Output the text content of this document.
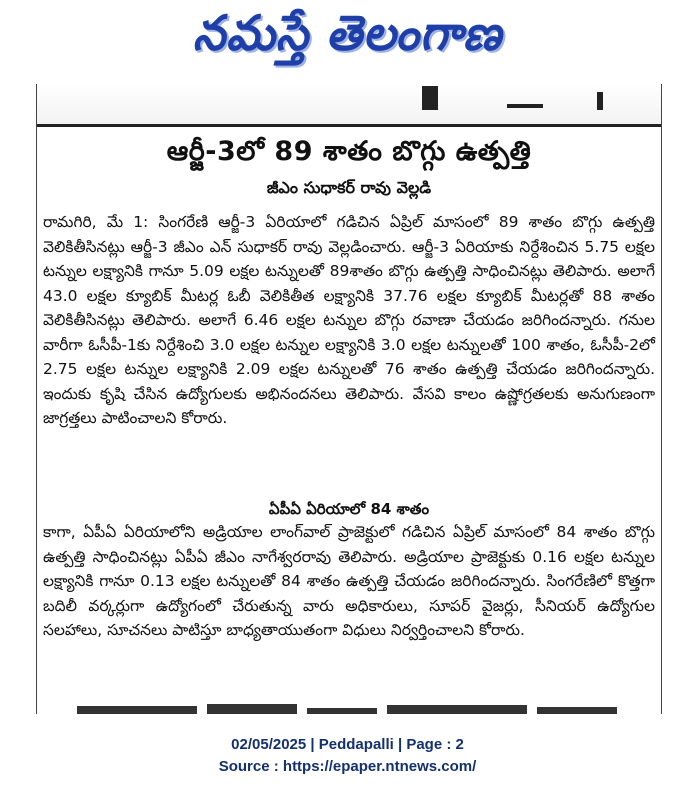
నమస్తే తెలంగాణ
ఆర్జీ-3లో 89 శాతం బొగ్గు ఉత్పత్తి
జీఎం సుధాకర్ రావు వెల్లడి

రామగిరి, మే 1: సింగరేణి ఆర్జీ-3 ఏరియాలో గడిచిన ఏప్రిల్ మాసంలో 89 శాతం బొగ్గు ఉత్పత్తి వెలికితీసినట్లు ఆర్జీ-3 జీఎం ఎన్ సుధాకర్ రావు వెల్లడించారు. ఆర్జీ-3 ఏరియాకు నిర్దేశించిన 5.75 లక్షల టన్నుల లక్ష్యానికి గానూ 5.09 లక్షల టన్నులతో 89శాతం బొగ్గు ఉత్పత్తి సాధించినట్లు తెలిపారు. అలాగే 43.0 లక్షల క్యూబిక్ మీటర్ల ఓబీ వెలికితీత లక్ష్యానికి 37.76 లక్షల క్యూబిక్ మీటర్లతో 88 శాతం వెలికితీసినట్లు తెలిపారు. అలాగే 6.46 లక్షల టన్నుల బొగ్గు రవాణా చేయడం జరిగిందన్నారు. గనుల వారీగా ఓసీపీ-1కు నిర్దేశించి 3.0 లక్షల టన్నుల లక్ష్యానికి 3.0 లక్షల టన్నులతో 100 శాతం, ఓసీపీ-2లో 2.75 లక్షల టన్నుల లక్ష్యానికి 2.09 లక్షల టన్నులతో 76 శాతం ఉత్పత్తి చేయడం జరిగిందన్నారు. ఇందుకు కృషి చేసిన ఉద్యోగులకు అభినందనలు తెలిపారు. వేసవి కాలం ఉష్ణోగ్రతలకు అనుగుణంగా జాగ్రత్తలు పాటించాలని కోరారు.

ఏపీఏ ఏరియాలో 84 శాతం

కాగా, ఏపీఏ ఏరియాలోని అడ్రియాల లాంగ్‌వాల్ ప్రాజెక్టులో గడిచిన ఏప్రిల్ మాసంలో 84 శాతం బొగ్గు ఉత్పత్తి సాధించినట్లు ఏపీఏ జీఎం నాగేశ్వరరావు తెలిపారు. అడ్రియాల ప్రాజెక్టుకు 0.16 లక్షల టన్నుల లక్ష్యానికి గానూ 0.13 లక్షల టన్నులతో 84 శాతం ఉత్పత్తి చేయడం జరిగిందన్నారు. సింగరేణిలో కొత్తగా బదిలీ వర్కర్లుగా ఉద్యోగంలో చేరుతున్న వారు అధికారులు, సూపర్ వైజర్లు, సీనియర్ ఉద్యోగుల సలహాలు, సూచనలు పాటిస్తూ బాధ్యతాయుతంగా విధులు నిర్వర్తించాలని కోరారు.

02/05/2025 | Peddapalli | Page : 2
Source : https://epaper.ntnews.com/
